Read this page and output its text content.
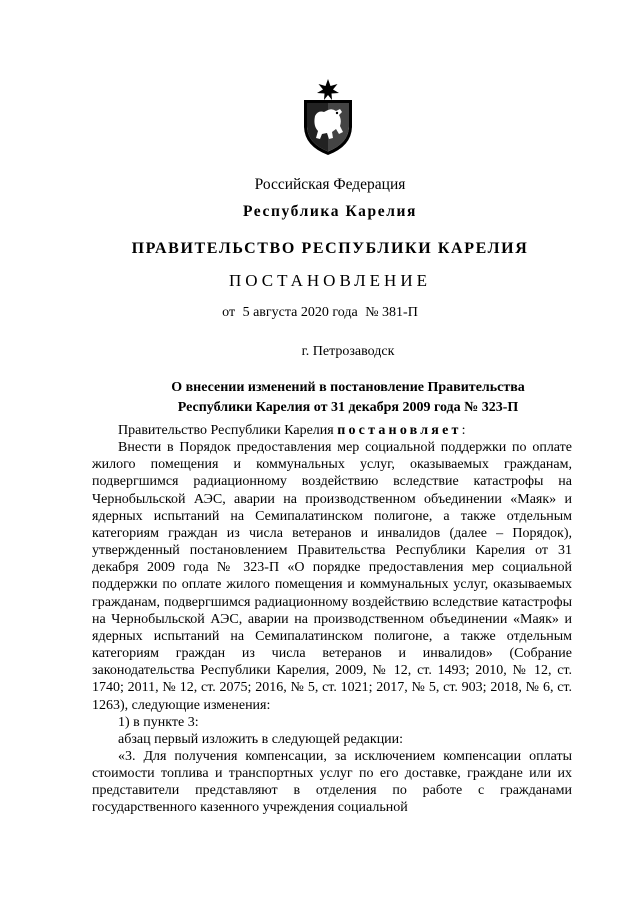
Российская Федерация
Республика Карелия
ПРАВИТЕЛЬСТВО РЕСПУБЛИКИ КАРЕЛИЯ
ПОСТАНОВЛЕНИЕ
от 5 августа 2020 года № 381-П
г. Петрозаводск
О внесении изменений в постановление Правительства
Республики Карелия от 31 декабря 2009 года № 323-П

Правительство Республики Карелия постановляет:

Внести в Порядок предоставления мер социальной поддержки по оплате жилого помещения и коммунальных услуг, оказываемых гражданам, подвергшимся радиационному воздействию вследствие катастрофы на Чернобыльской АЭС, аварии на производственном объединении «Маяк» и ядерных испытаний на Семипалатинском полигоне, а также отдельным категориям граждан из числа ветеранов и инвалидов (далее – Порядок), утвержденный постановлением Правительства Республики Карелия от 31 декабря 2009 года № 323-П «О порядке предоставления мер социальной поддержки по оплате жилого помещения и коммунальных услуг, оказываемых гражданам, подвергшимся радиационному воздействию вследствие катастрофы на Чернобыльской АЭС, аварии на производственном объединении «Маяк» и ядерных испытаний на Семипалатинском полигоне, а также отдельным категориям граждан из числа ветеранов и инвалидов» (Собрание законодательства Республики Карелия, 2009, № 12, ст. 1493; 2010, № 12, ст. 1740; 2011, № 12, ст. 2075; 2016, № 5, ст. 1021; 2017, № 5, ст. 903; 2018, № 6, ст. 1263), следующие изменения:

1) в пункте 3:

абзац первый изложить в следующей редакции:

«3. Для получения компенсации, за исключением компенсации оплаты стоимости топлива и транспортных услуг по его доставке, граждане или их представители представляют в отделения по работе с гражданами государственного казенного учреждения социальной
